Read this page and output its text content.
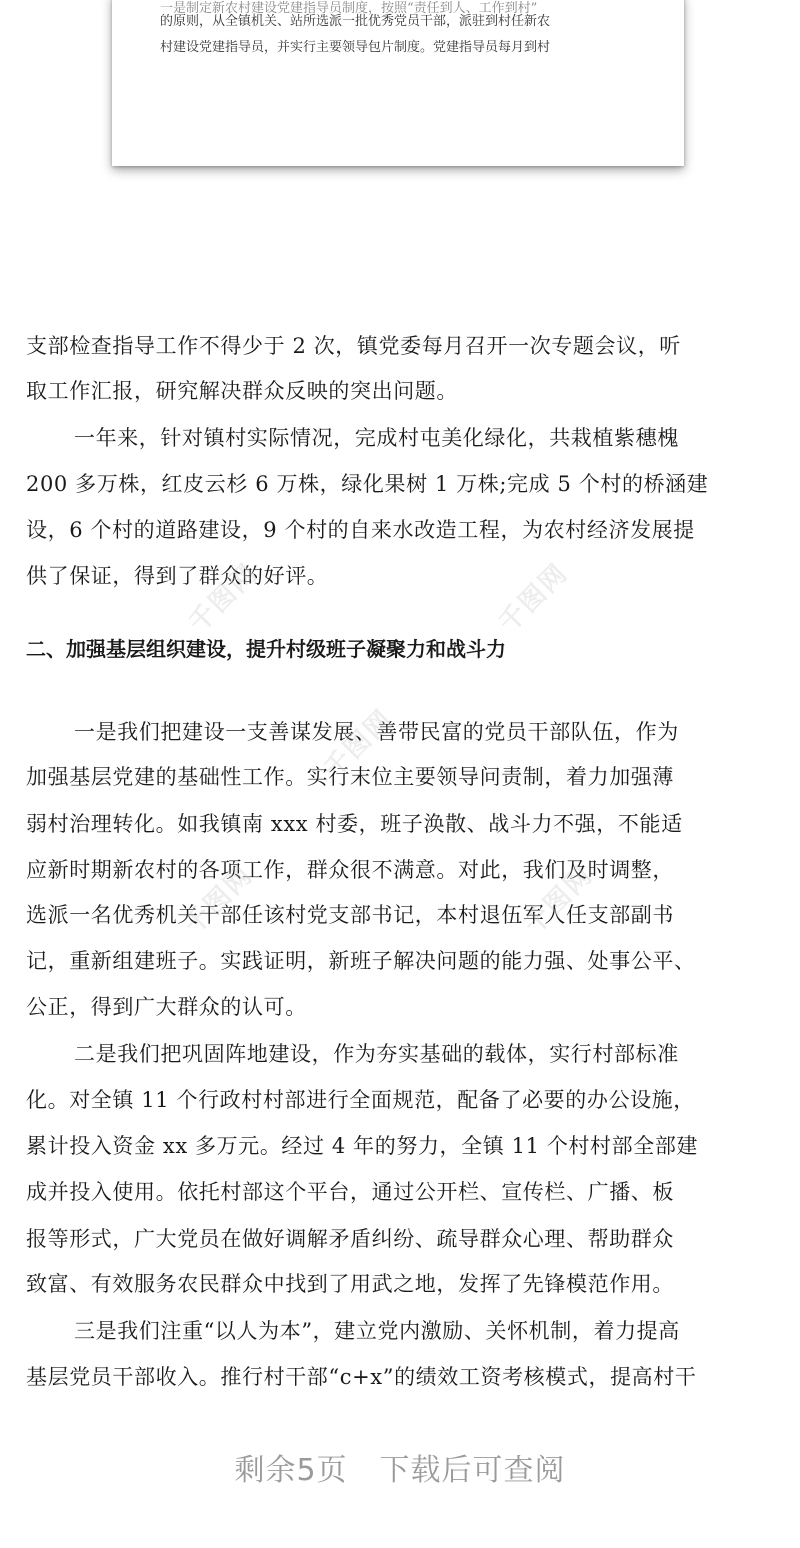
一是制定新农村建设党建指导员制度，按照“责任到人、工作到村”
的原则，从全镇机关、站所选派一批优秀党员干部，派驻到村任新农
村建设党建指导员，并实行主要领导包片制度。党建指导员每月到村
支部检查指导工作不得少于 2 次，镇党委每月召开一次专题会议，听
取工作汇报，研究解决群众反映的突出问题。
一年来，针对镇村实际情况，完成村屯美化绿化，共栽植紫穗槐
200 多万株，红皮云杉 6 万株，绿化果树 1 万株;完成 5 个村的桥涵建
设，6 个村的道路建设，9 个村的自来水改造工程，为农村经济发展提
供了保证，得到了群众的好评。
二、加强基层组织建设，提升村级班子凝聚力和战斗力
一是我们把建设一支善谋发展、善带民富的党员干部队伍，作为
加强基层党建的基础性工作。实行末位主要领导问责制，着力加强薄
弱村治理转化。如我镇南 xxx 村委，班子涣散、战斗力不强，不能适
应新时期新农村的各项工作，群众很不满意。对此，我们及时调整，
选派一名优秀机关干部任该村党支部书记，本村退伍军人任支部副书
记，重新组建班子。实践证明，新班子解决问题的能力强、处事公平、
公正，得到广大群众的认可。
二是我们把巩固阵地建设，作为夯实基础的载体，实行村部标准
化。对全镇 11 个行政村村部进行全面规范，配备了必要的办公设施，
累计投入资金 xx 多万元。经过 4 年的努力，全镇 11 个村村部全部建
成并投入使用。依托村部这个平台，通过公开栏、宣传栏、广播、板
报等形式，广大党员在做好调解矛盾纠纷、疏导群众心理、帮助群众
致富、有效服务农民群众中找到了用武之地，发挥了先锋模范作用。
三是我们注重“以人为本”，建立党内激励、关怀机制，着力提高
基层党员干部收入。推行村干部“c+x”的绩效工资考核模式，提高村干
千图网	千图网
千图网
千图网	千图网
剩余5页 下载后可查阅
